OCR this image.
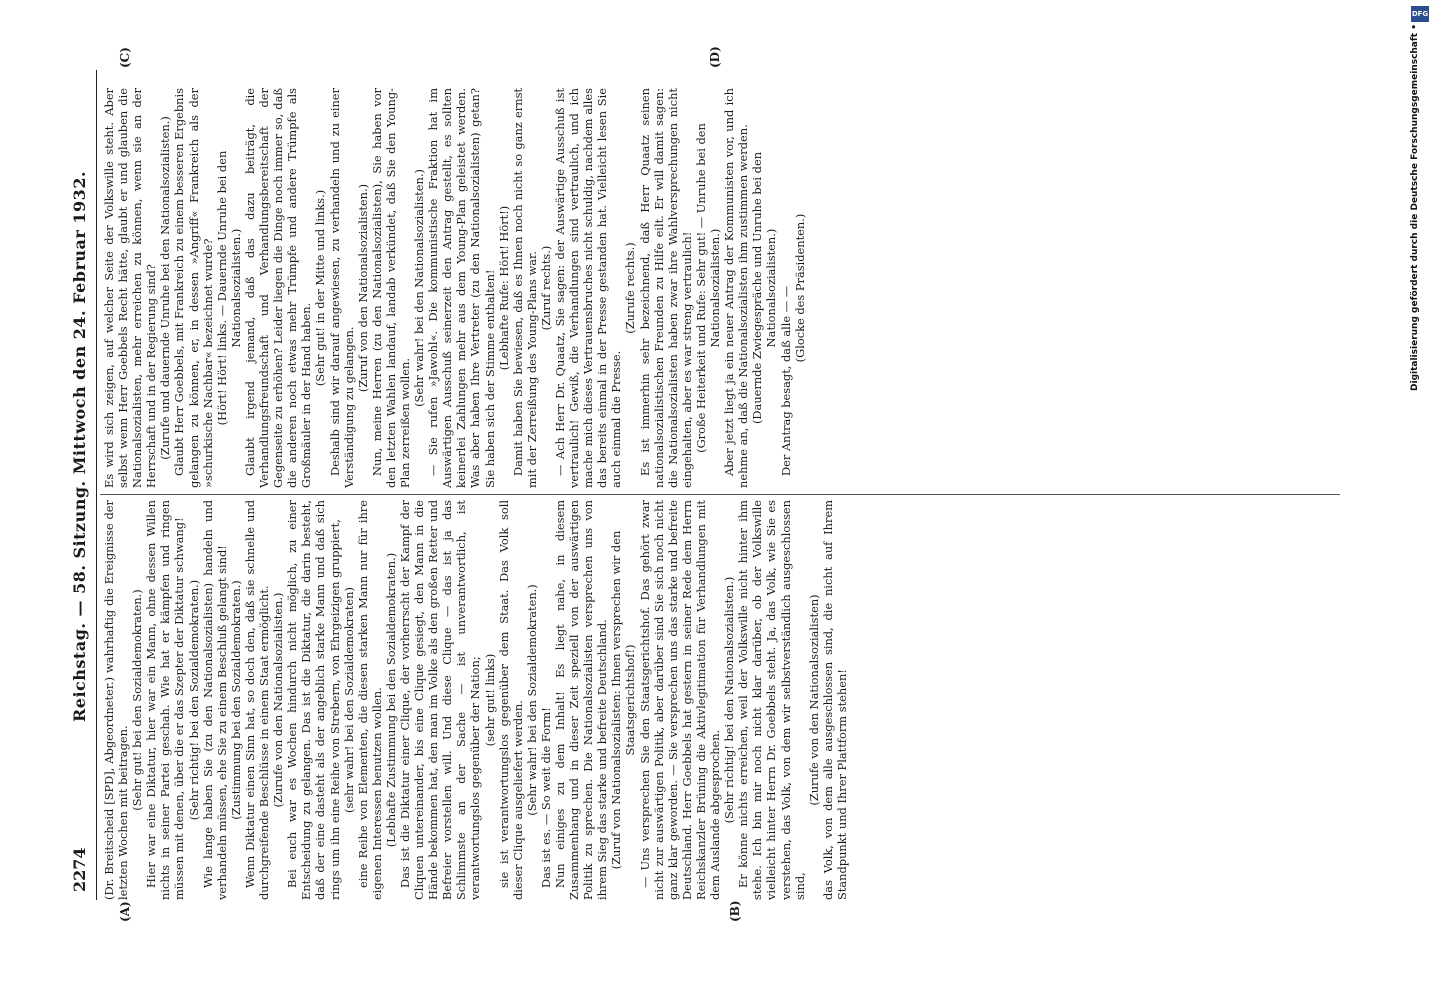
2274
Reichstag. — 58. Sitzung. Mittwoch den 24. Februar 1932.
(A)	(B)
(C)	(D)

(Dr. Breitscheid [SPD], Abgeordneter.) wahrhaftig die Ereignisse der letzten Wochen mit beitragen.

(Sehr gut! bei den Sozialdemokraten.) Hier war eine Diktatur, hier war ein Mann, ohne dessen Willen nichts in seiner Partei geschah. Wie hat er kämpfen und ringen müssen mit denen, über die er das Szepter der Diktatur schwang! (Sehr richtig! bei den Sozialdemokraten.) Wie lange haben Sie (zu den Nationalsozialisten) handeln und verhandeln müssen, ehe Sie zu einem Beschluß gelangt sind! (Zustimmung bei den Sozialdemokraten.) Wenn Diktatur einen Sinn hat, so doch den, daß sie schnelle und durchgreifende Beschlüsse in einem Staat ermöglicht. (Zurufe von den Nationalsozialisten.) Bei euch war es Wochen hindurch nicht möglich, zu einer Entscheidung zu gelangen. Das ist die Diktatur, die darin besteht, daß der eine dasteht als der angeblich starke Mann und daß sich rings um ihn eine Reihe von Strebern, von Ehrgeizigen gruppiert, (sehr wahr! bei den Sozialdemokraten) eine Reihe von Elementen, die diesen starken Mann nur für ihre eigenen Interessen benutzen wollen. (Lebhafte Zustimmung bei den Sozialdemokraten.) Das ist die Diktatur einer Clique, der vorherrscht der Kampf der Cliquen untereinander, bis eine Clique gesiegt, den Mann in die Hände bekommen hat, den man im Volke als den großen Retter und Befreier vorstellen will. Und diese Clique — das ist ja das Schlimmste an der Sache — ist unverantwortlich, ist verantwortungslos gegenüber der Nation; (sehr gut! links) sie ist verantwortungslos gegenüber dem Staat. Das Volk soll dieser Clique ausgeliefert werden. (Sehr wahr! bei den Sozialdemokraten.) Das ist es. — So weit die Form! Nun einiges zu dem Inhalt! Es liegt nahe, in diesem Zusammenhang und in dieser Zeit speziell von der auswärtigen Politik zu sprechen. Die Nationalsozialisten versprechen uns von ihrem Sieg das starke und befreite Deutschland. (Zuruf von Nationalsozialisten: Ihnen versprechen wir den Staatsgerichtshof!) — Uns versprechen Sie den Staatsgerichtshof. Das gehört zwar nicht zur auswärtigen Politik, aber darüber sind Sie sich noch nicht ganz klar geworden. — Sie versprechen uns das starke und befreite Deutschland. Herr Goebbels hat gestern in seiner Rede dem Herrn Reichskanzler Brüning die Aktivlegitimation für Verhandlungen mit dem Auslande abgesprochen. (Sehr richtig! bei den Nationalsozialisten.) Er könne nichts erreichen, weil der Volkswille nicht hinter ihm stehe. Ich bin mir noch nicht klar darüber, ob der Volkswille vielleicht hinter Herrn Dr. Goebbels steht. Ja, das Volk, wie Sie es verstehen, das Volk, von dem wir selbstverständlich ausgeschlossen sind,

(Zurufe von den Nationalsozialisten) das Volk, von dem alle ausgeschlossen sind, die nicht auf Ihrem Standpunkt und Ihrer Plattform stehen!

Es wird sich zeigen, auf welcher Seite der Volkswille steht. Aber selbst wenn Herr Goebbels Recht hätte, glaubt er und glauben die Nationalsozialisten, mehr erreichen zu können, wenn sie an der Herrschaft und in der Regierung sind? (Zurufe und dauernde Unruhe bei den Nationalsozialisten.) Glaubt Herr Goebbels, mit Frankreich zu einem besseren Ergebnis gelangen zu können, er, in dessen »Angriff« Frankreich als der »schurkische Nachbar« bezeichnet wurde? (Hört! Hört! links. — Dauernde Unruhe bei den Nationalsozialisten.) Glaubt irgend jemand, daß das dazu beiträgt, die Verhandlungsfreundschaft und Verhandlungsbereitschaft der Gegenseite zu erhöhen? Leider liegen die Dinge noch immer so, daß die anderen noch etwas mehr Trümpfe und andere Trümpfe als Großmäuler in der Hand haben.

(Sehr gut! in der Mitte und links.) Deshalb sind wir darauf angewiesen, zu verhandeln und zu einer Verständigung zu gelangen.

(Zuruf von den Nationalsozialisten.) Nun, meine Herren (zu den Nationalsozialisten), Sie haben vor den letzten Wahlen landauf, landab verkündet, daß Sie den Young-Plan zerreißen wollen.

(Sehr wahr! bei den Nationalsozialisten.) — Sie rufen »Jawohl«. Die kommunistische Fraktion hat im Auswärtigen Ausschuß seinerzeit den Antrag gestellt, es sollten keinerlei Zahlungen mehr aus dem Young-Plan geleistet werden. Was aber haben Ihre Vertreter (zu den Nationalsozialisten) getan? Sie haben sich der Stimme enthalten! (Lebhafte Rufe: Hört! Hört!) Damit haben Sie bewiesen, daß es Ihnen noch nicht so ganz ernst mit der Zerreißung des Young-Plans war. (Zuruf rechts.) — Ach Herr Dr. Quaatz, Sie sagen: der Auswärtige Ausschuß ist vertraulich! Gewiß, die Verhandlungen sind vertraulich, und ich mache mich dieses Vertrauensbruches nicht schuldig, nachdem alles das bereits einmal in der Presse gestanden hat. Vielleicht lesen Sie auch einmal die Presse.

(Zurufe rechts.) Es ist immerhin sehr bezeichnend, daß Herr Quaatz seinen nationalsozialistischen Freunden zu Hilfe eilt. Er will damit sagen: die Nationalsozialisten haben zwar ihre Wahlversprechungen nicht eingehalten, aber es war streng vertraulich! (Große Heiterkeit und Rufe: Sehr gut! — Unruhe bei den Nationalsozialisten.) Aber jetzt liegt ja ein neuer Antrag der Kommunisten vor, und ich nehme an, daß die Nationalsozialisten ihm zustimmen werden. (Dauernde Zwiegespräche und Unruhe bei den Nationalsozialisten.) Der Antrag besagt, daß alle — — (Glocke des Präsidenten.)

DFG
Digitalisierung gefördert durch die Deutsche Forschungsgemeinschaft •
